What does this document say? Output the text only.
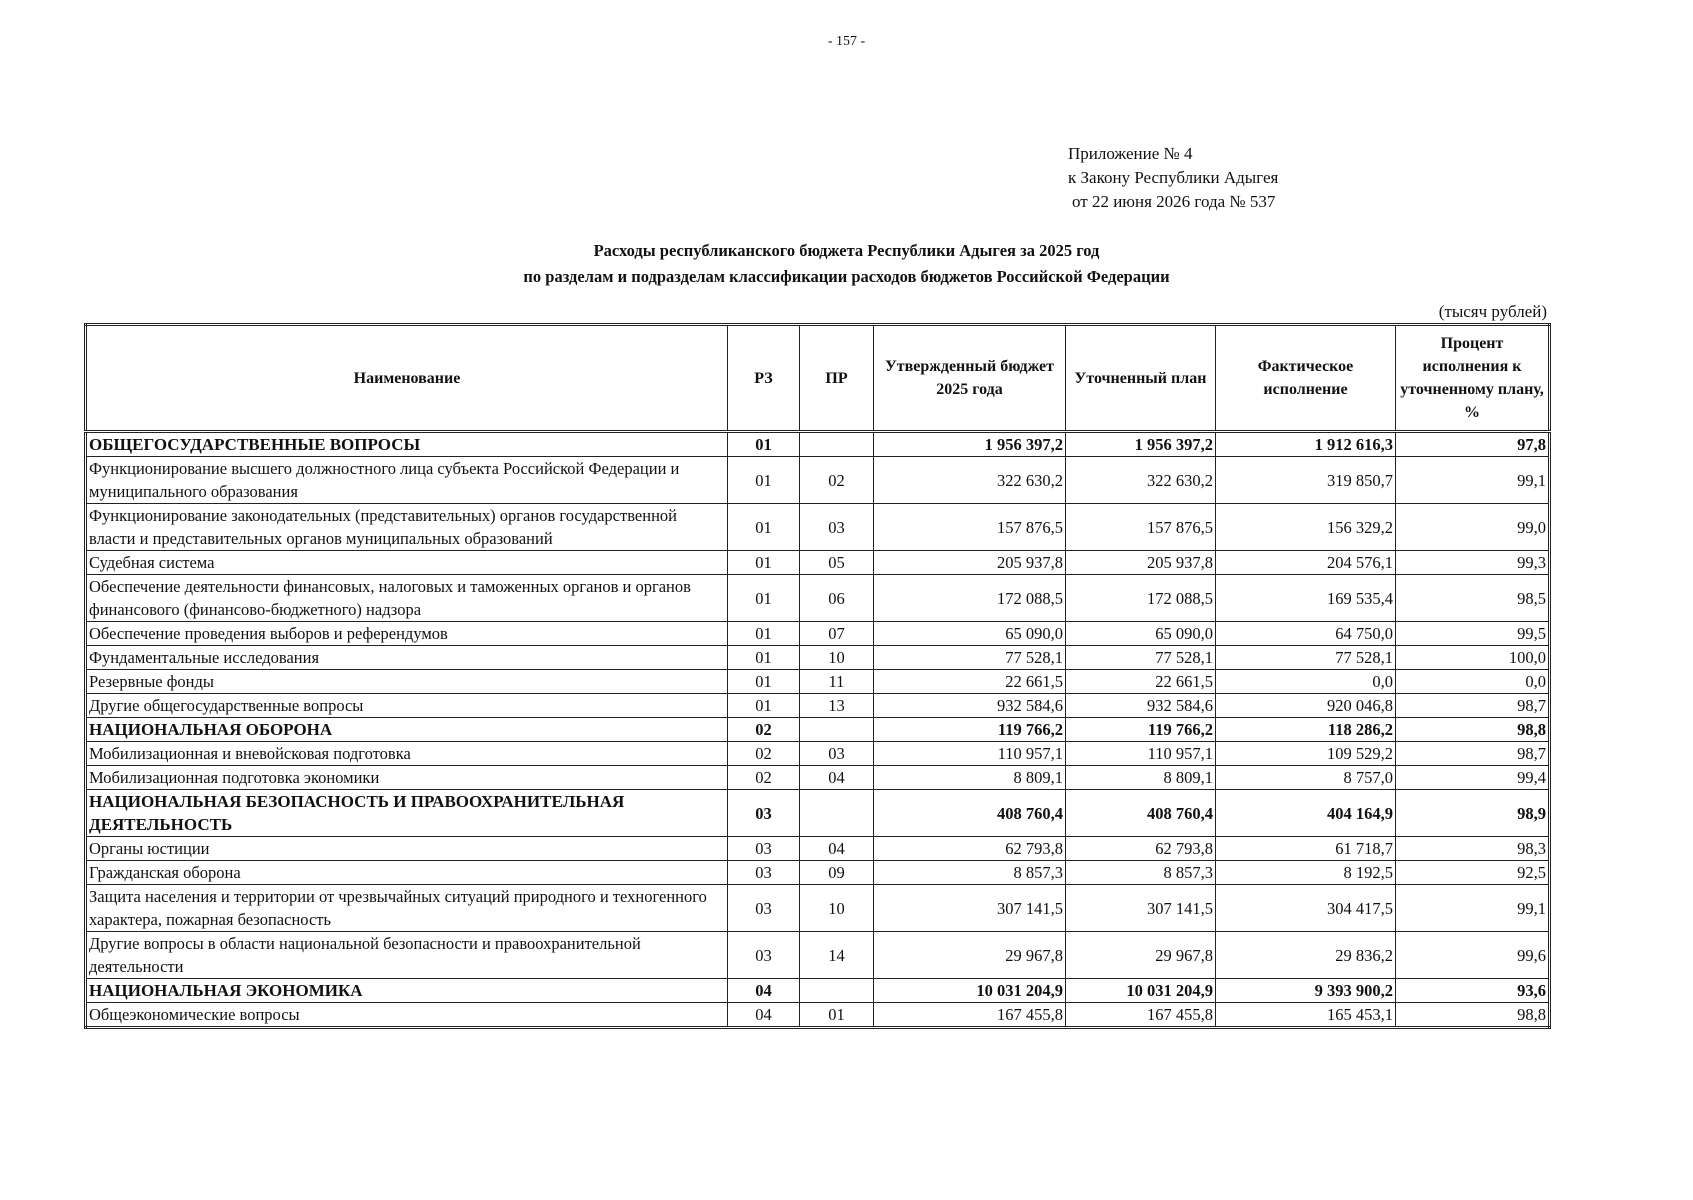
- 157 -
Приложение № 4
к Закону Республики Адыгея
от 22 июня 2026 года № 537
Расходы республиканского бюджета Республики Адыгея за 2025 год
по разделам и подразделам классификации расходов бюджетов Российской Федерации
(тысяч рублей)
Наименование	РЗ	ПР	Утвержденный бюджет 2025 года	Уточненный план	Фактическое исполнение	Процент исполнения к уточненному плану, %
ОБЩЕГОСУДАРСТВЕННЫЕ ВОПРОСЫ	01		1 956 397,2	1 956 397,2	1 912 616,3	97,8
Функционирование высшего должностного лица субъекта Российской Федерации и муниципального образования	01	02	322 630,2	322 630,2	319 850,7	99,1
Функционирование законодательных (представительных) органов государственной власти и представительных органов муниципальных образований	01	03	157 876,5	157 876,5	156 329,2	99,0
Судебная система	01	05	205 937,8	205 937,8	204 576,1	99,3
Обеспечение деятельности финансовых, налоговых и таможенных органов и органов финансового (финансово-бюджетного) надзора	01	06	172 088,5	172 088,5	169 535,4	98,5
Обеспечение проведения выборов и референдумов	01	07	65 090,0	65 090,0	64 750,0	99,5
Фундаментальные исследования	01	10	77 528,1	77 528,1	77 528,1	100,0
Резервные фонды	01	11	22 661,5	22 661,5	0,0	0,0
Другие общегосударственные вопросы	01	13	932 584,6	932 584,6	920 046,8	98,7
НАЦИОНАЛЬНАЯ ОБОРОНА	02		119 766,2	119 766,2	118 286,2	98,8
Мобилизационная и вневойсковая подготовка	02	03	110 957,1	110 957,1	109 529,2	98,7
Мобилизационная подготовка экономики	02	04	8 809,1	8 809,1	8 757,0	99,4
НАЦИОНАЛЬНАЯ БЕЗОПАСНОСТЬ И ПРАВООХРАНИТЕЛЬНАЯ ДЕЯТЕЛЬНОСТЬ	03		408 760,4	408 760,4	404 164,9	98,9
Органы юстиции	03	04	62 793,8	62 793,8	61 718,7	98,3
Гражданская оборона	03	09	8 857,3	8 857,3	8 192,5	92,5
Защита населения и территории от чрезвычайных ситуаций природного и техногенного характера, пожарная безопасность	03	10	307 141,5	307 141,5	304 417,5	99,1
Другие вопросы в области национальной безопасности и правоохранительной деятельности	03	14	29 967,8	29 967,8	29 836,2	99,6
НАЦИОНАЛЬНАЯ ЭКОНОМИКА	04		10 031 204,9	10 031 204,9	9 393 900,2	93,6
Общеэкономические вопросы	04	01	167 455,8	167 455,8	165 453,1	98,8
